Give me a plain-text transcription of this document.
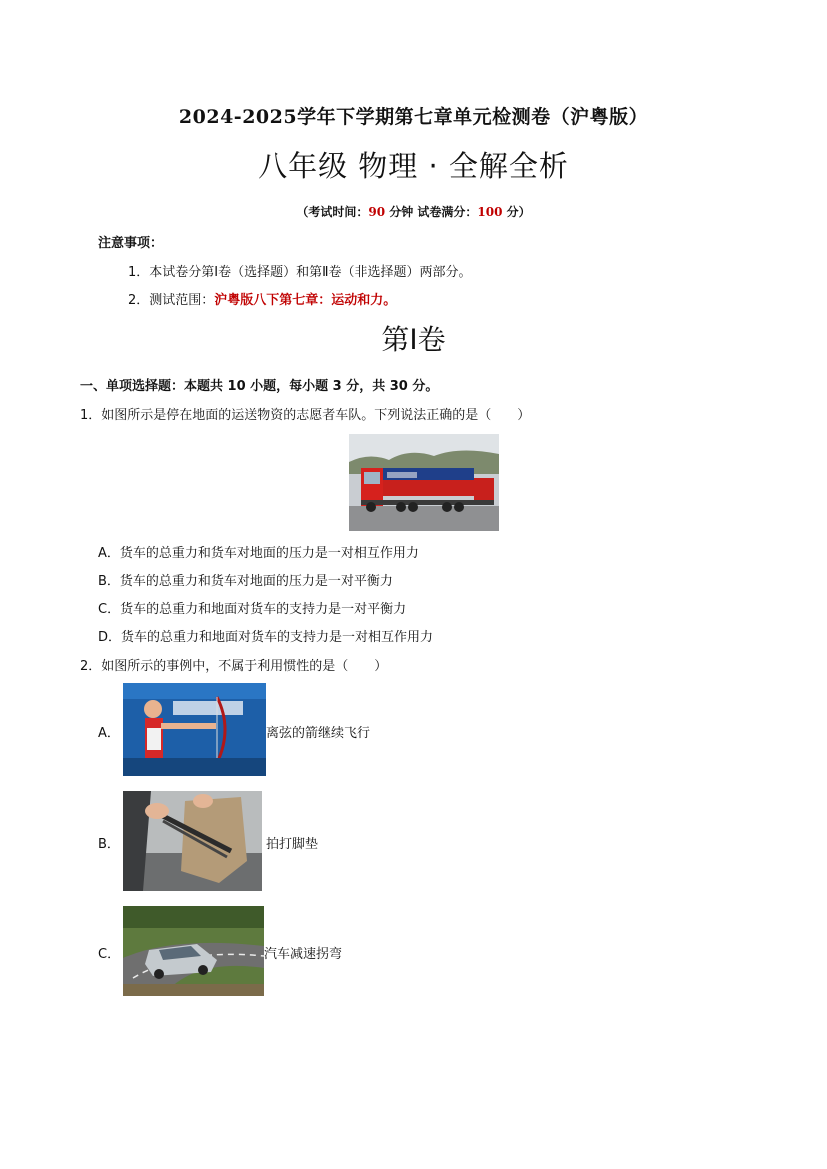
2024-2025学年下学期第七章单元检测卷（沪粤版）
八年级 物理 · 全解全析
（考试时间：90 分钟 试卷满分：100 分）
注意事项：
1．本试卷分第Ⅰ卷（选择题）和第Ⅱ卷（非选择题）两部分。
2．测试范围：沪粤版八下第七章：运动和力。
第Ⅰ卷
一、单项选择题：本题共 10 小题，每小题 3 分，共 30 分。
1．如图所示是停在地面的运送物资的志愿者车队。下列说法正确的是（　　）
A．货车的总重力和货车对地面的压力是一对相互作用力
B．货车的总重力和货车对地面的压力是一对平衡力
C．货车的总重力和地面对货车的支持力是一对平衡力
D．货车的总重力和地面对货车的支持力是一对相互作用力
2．如图所示的事例中，不属于利用惯性的是（　　）
A．	离弦的箭继续飞行
B．	拍打脚垫
C．	汽车减速拐弯
